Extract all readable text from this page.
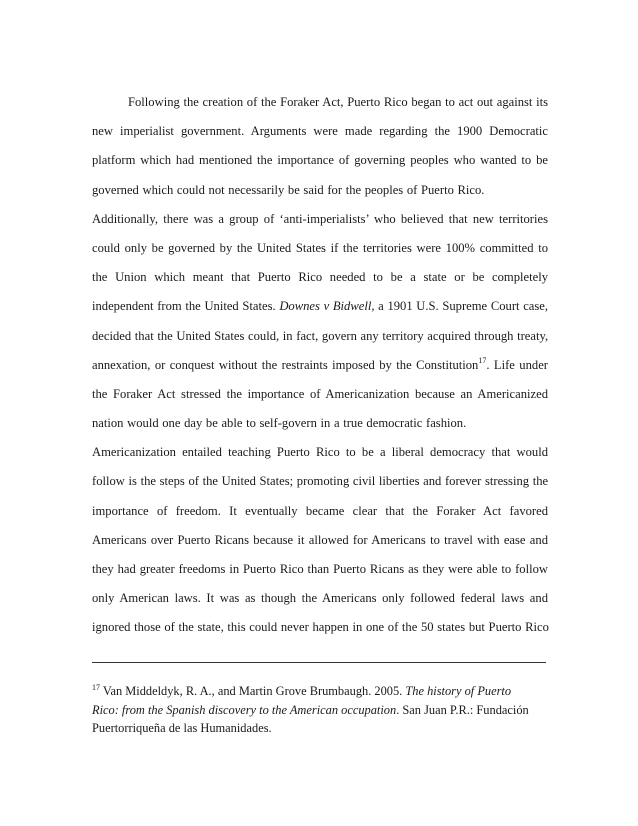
Following the creation of the Foraker Act, Puerto Rico began to act out against its
new imperialist government. Arguments were made regarding the 1900 Democratic
platform which had mentioned the importance of governing peoples who wanted to be
governed which could not necessarily be said for the peoples of Puerto Rico.
Additionally, there was a group of ‘anti-imperialists’ who believed that new territories
could only be governed by the United States if the territories were 100% committed to
the Union which meant that Puerto Rico needed to be a state or be completely
independent from the United States. Downes v Bidwell, a 1901 U.S. Supreme Court case,
decided that the United States could, in fact, govern any territory acquired through treaty,
annexation, or conquest without the restraints imposed by the Constitution$^{17}$. Life under
the Foraker Act stressed the importance of Americanization because an Americanized
nation would one day be able to self-govern in a true democratic fashion.
Americanization entailed teaching Puerto Rico to be a liberal democracy that would
follow is the steps of the United States; promoting civil liberties and forever stressing the
importance of freedom. It eventually became clear that the Foraker Act favored
Americans over Puerto Ricans because it allowed for Americans to travel with ease and
they had greater freedoms in Puerto Rico than Puerto Ricans as they were able to follow
only American laws. It was as though the Americans only followed federal laws and
ignored those of the state, this could never happen in one of the 50 states but Puerto Rico
$^{17}$ Van Middeldyk, R. A., and Martin Grove Brumbaugh. 2005. The history of Puerto
Rico: from the Spanish discovery to the American occupation. San Juan P.R.: Fundación
Puertorriqueña de las Humanidades.
